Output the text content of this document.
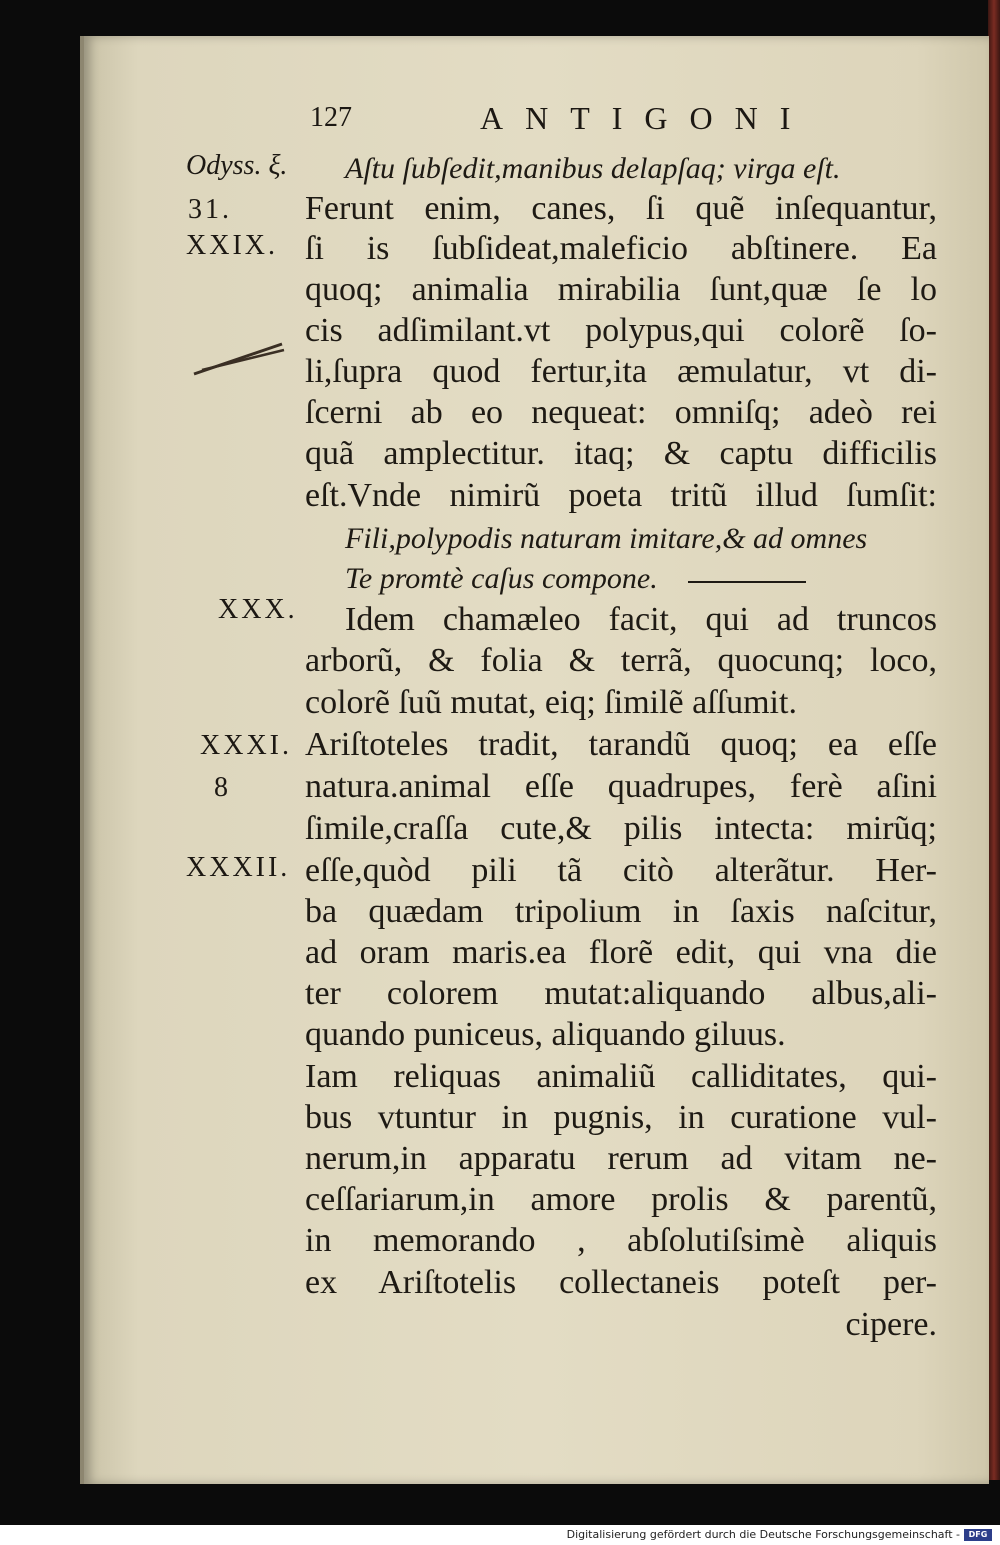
127	ANTIGONI
Odyss. ξ.
31.
XXIX.
XXX.
XXXI.
8
XXXII.
Aſtu ſubſedit,manibus delapſaq; virga eſt.
Ferunt enim, canes, ſi quẽ inſequantur,
ſi is ſubſideat,maleficio abſtinere. Ea
quoq; animalia mirabilia ſunt,quæ ſe lo
cis adſimilant.vt polypus,qui colorẽ ſo-
li,ſupra quod fertur,ita æmulatur, vt di-
ſcerni ab eo nequeat: omniſq; adeò rei
quã amplectitur. itaq; & captu difficilis
eſt.Vnde nimirũ poeta tritũ illud ſumſit:
Fili,polypodis naturam imitare,& ad omnes
Te promtè caſus compone.
Idem chamæleo facit, qui ad truncos
arborũ, & folia & terrã, quocunq; loco,
colorẽ ſuũ mutat, eiq; ſimilẽ aſſumit.
Ariſtoteles tradit, tarandũ quoq; ea eſſe
natura.animal eſſe quadrupes, ferè aſini
ſimile,craſſa cute,& pilis intecta: mirũq;
eſſe,quòd pili tã citò alterãtur. Her-
ba quædam tripolium in ſaxis naſcitur,
ad oram maris.ea florẽ edit, qui vna die
ter colorem mutat:aliquando albus,ali-
quando puniceus, aliquando giluus.
Iam reliquas animaliũ calliditates, qui-
bus vtuntur in pugnis, in curatione vul-
nerum,in apparatu rerum ad vitam ne-
ceſſariarum,in amore prolis & parentũ,
in memorando , abſolutiſsimè aliquis
ex Ariſtotelis collectaneis poteſt per-
cipere.
Digitalisierung gefördert durch die Deutsche Forschungsgemeinschaft - DFG
